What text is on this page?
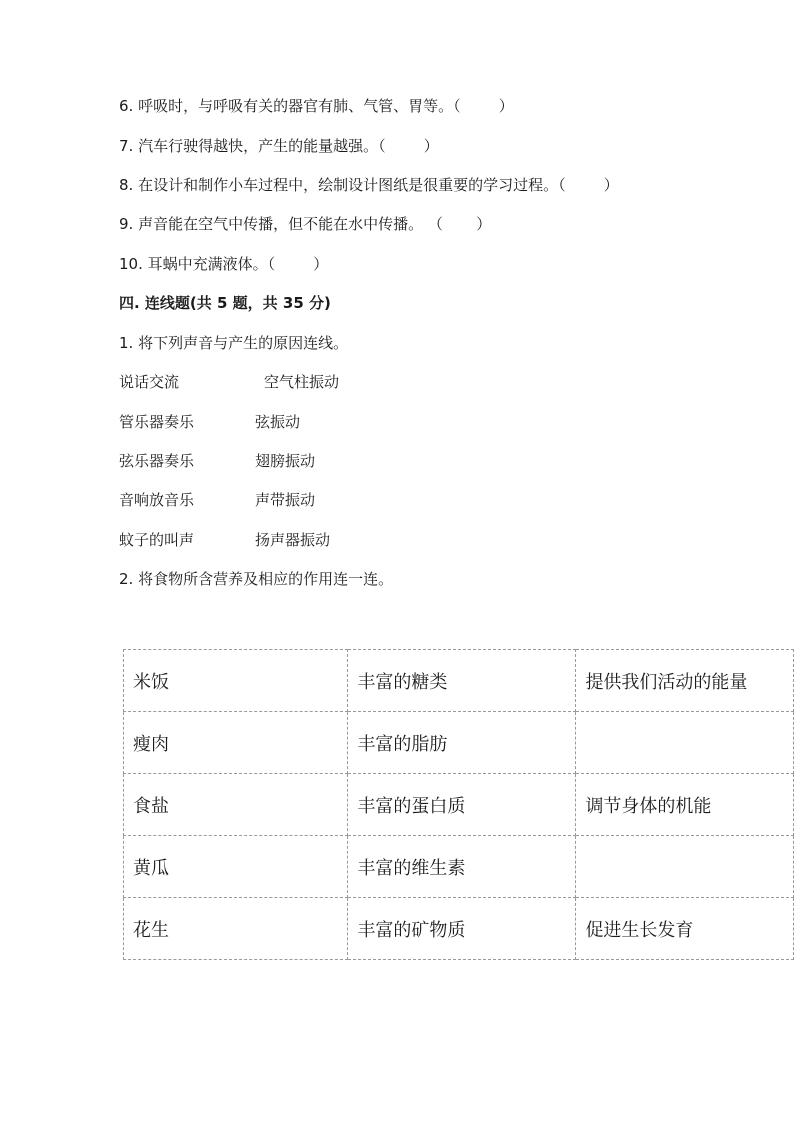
6. 呼吸时，与呼吸有关的器官有肺、气管、胃等。（        ）
7. 汽车行驶得越快，产生的能量越强。（        ）
8. 在设计和制作小车过程中，绘制设计图纸是很重要的学习过程。（        ）
9. 声音能在空气中传播，但不能在水中传播。 （       ）
10. 耳蜗中充满液体。（        ）
四. 连线题(共 5 题，共 35 分)
1. 将下列声音与产生的原因连线。
说话交流	空气柱振动
管乐器奏乐	弦振动
弦乐器奏乐	翅膀振动
音响放音乐	声带振动
蚊子的叫声	扬声器振动
2. 将食物所含营养及相应的作用连一连。
米饭	丰富的糖类	提供我们活动的能量
瘦肉	丰富的脂肪	
食盐	丰富的蛋白质	调节身体的机能
黄瓜	丰富的维生素	
花生	丰富的矿物质	促进生长发育
